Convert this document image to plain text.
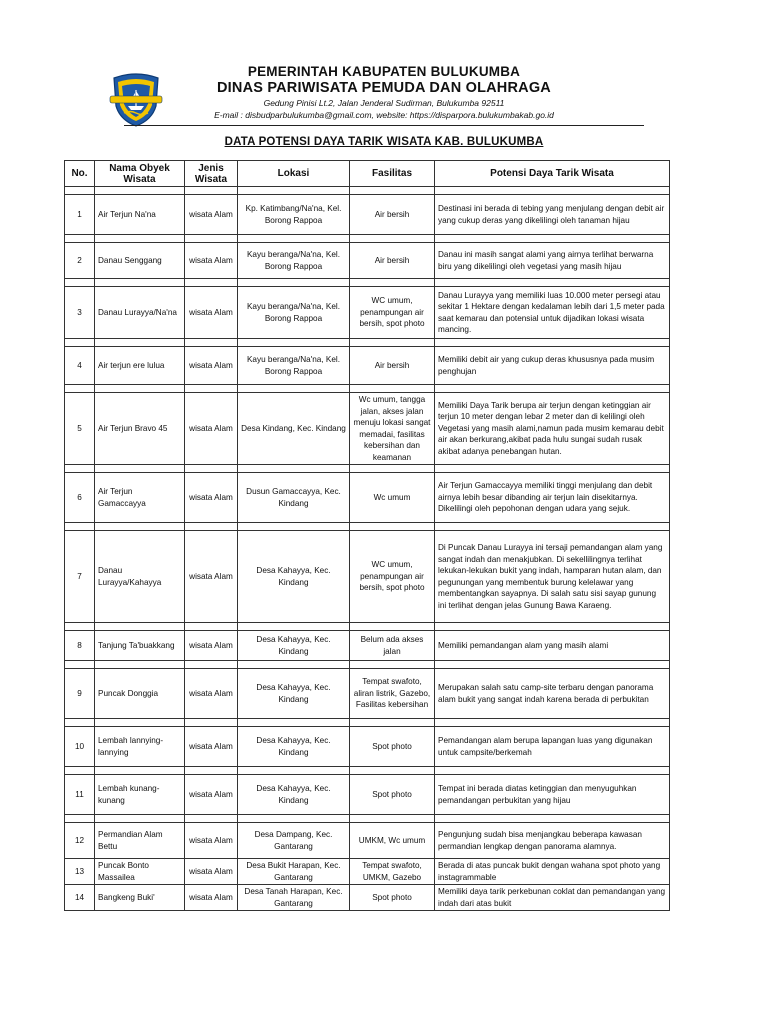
PEMERINTAH KABUPATEN BULUKUMBA
DINAS PARIWISATA PEMUDA DAN OLAHRAGA
Gedung Pinisi Lt.2, Jalan Jenderal Sudirman, Bulukumba 92511
E-mail : disbudparbulukumba@gmail.com, website: https://disparpora.bulukumbakab.go.id
DATA POTENSI DAYA TARIK WISATA KAB. BULUKUMBA
No.	Nama Obyek Wisata	Jenis Wisata	Lokasi	Fasilitas	Potensi Daya Tarik Wisata

1	Air Terjun Na'na	wisata Alam	Kp. Katimbang/Na'na, Kel. Borong Rappoa	Air bersih	Destinasi ini berada di tebing yang menjulang dengan debit air yang cukup deras yang dikelilingi oleh tanaman hijau

2	Danau Senggang	wisata Alam	Kayu beranga/Na'na, Kel. Borong Rappoa	Air bersih	Danau ini masih sangat alami yang airnya terlihat berwarna biru yang dikelilingi oleh vegetasi yang masih hijau

3	Danau Lurayya/Na'na	wisata Alam	Kayu beranga/Na'na, Kel. Borong Rappoa	WC umum, penampungan air bersih, spot photo	Danau Lurayya yang memiliki luas 10.000 meter persegi atau sekitar 1 Hektare dengan kedalaman lebih dari 1,5 meter pada saat kemarau dan potensial untuk dijadikan lokasi wisata mancing.

4	Air terjun ere lulua	wisata Alam	Kayu beranga/Na'na, Kel. Borong Rappoa	Air bersih	Memiliki debit air yang cukup deras khususnya pada musim penghujan

5	Air Terjun Bravo 45	wisata Alam	Desa Kindang, Kec. Kindang	Wc umum, tangga jalan, akses jalan menuju lokasi sangat memadai, fasilitas kebersihan dan keamanan	Memiliki Daya Tarik berupa air terjun dengan ketinggian air terjun 10 meter dengan lebar 2 meter dan di kelilingi oleh Vegetasi yang masih alami,namun pada musim kemarau debit air akan berkurang,akibat pada hulu sungai sudah rusak akibat adanya penebangan hutan.

6	Air Terjun Gamaccayya	wisata Alam	Dusun Gamaccayya, Kec. Kindang	Wc umum	Air Terjun Gamaccayya memiliki tinggi menjulang dan debit airnya lebih besar dibanding air terjun lain disekitarnya. Dikelilingi oleh pepohonan dengan udara yang sejuk.

7	Danau Lurayya/Kahayya	wisata Alam	Desa Kahayya, Kec. Kindang	WC umum, penampungan air bersih, spot photo	Di Puncak Danau Lurayya ini tersaji pemandangan alam yang sangat indah dan menakjubkan. Di sekellilingnya terlihat lekukan-lekukan bukit yang indah, hamparan hutan alam, dan pegunungan yang membentuk burung kelelawar yang membentangkan sayapnya. Di salah satu sisi sayap gunung ini terlihat dengan jelas Gunung Bawa Karaeng.

8	Tanjung Ta'buakkang	wisata Alam	Desa Kahayya, Kec. Kindang	Belum ada akses jalan	Memiliki pemandangan alam yang masih alami

9	Puncak Donggia	wisata Alam	Desa Kahayya, Kec. Kindang	Tempat swafoto, aliran listrik, Gazebo, Fasilitas kebersihan	Merupakan salah satu camp-site terbaru dengan panorama alam bukit yang sangat indah karena berada di perbukitan

10	Lembah lannying-lannying	wisata Alam	Desa Kahayya, Kec. Kindang	Spot photo	Pemandangan alam berupa lapangan luas yang digunakan untuk campsite/berkemah

11	Lembah kunang-kunang	wisata Alam	Desa Kahayya, Kec. Kindang	Spot photo	Tempat ini berada diatas ketinggian dan menyuguhkan pemandangan perbukitan yang hijau

12	Permandian Alam Bettu	wisata Alam	Desa Dampang, Kec. Gantarang	UMKM, Wc umum	Pengunjung sudah bisa menjangkau beberapa kawasan permandian lengkap dengan panorama alamnya.
13	Puncak Bonto Massailea	wisata Alam	Desa Bukit Harapan, Kec. Gantarang	Tempat swafoto, UMKM, Gazebo	Berada di atas puncak bukit dengan wahana spot photo yang instagrammable
14	Bangkeng Buki'	wisata Alam	Desa Tanah Harapan, Kec. Gantarang	Spot photo	Memiliki daya tarik perkebunan coklat dan pemandangan yang indah dari atas bukit
